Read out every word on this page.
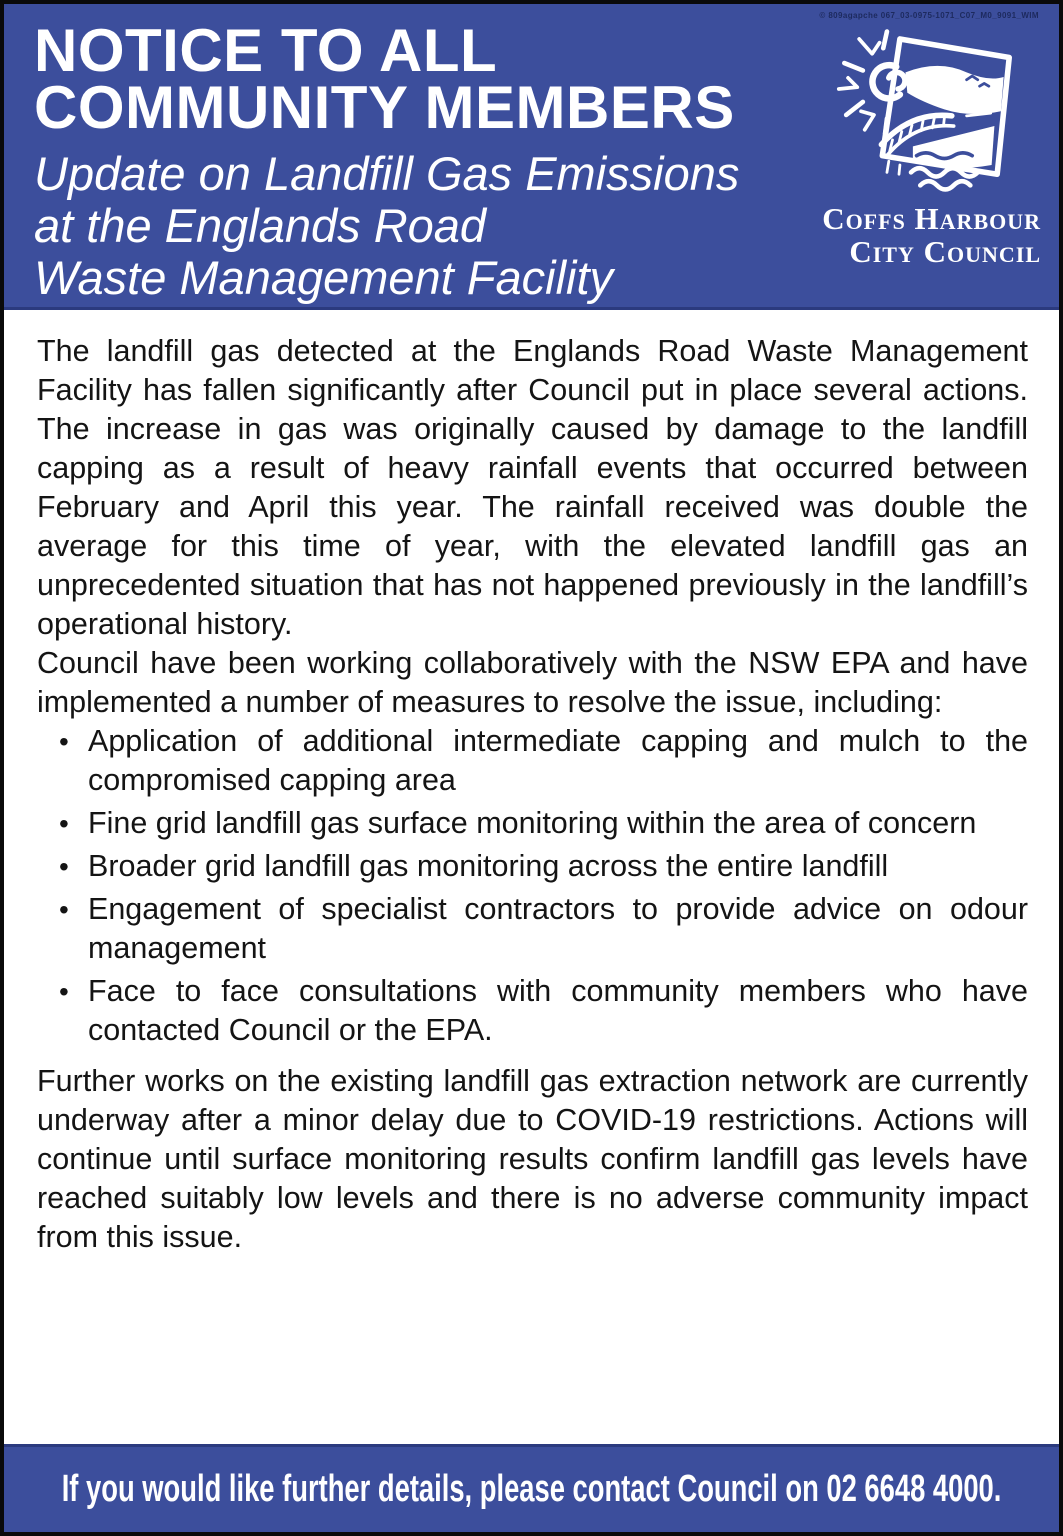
© 809agapche 067_03-0975-1071_C07_M0_9091_WIM
NOTICE TO ALL
COMMUNITY MEMBERS
Update on Landfill Gas Emissions
at the Englands Road
Waste Management Facility
Coffs Harbour
City Council

The landfill gas detected at the Englands Road Waste Management Facility has fallen significantly after Council put in place several actions. The increase in gas was originally caused by damage to the landfill capping as a result of heavy rainfall events that occurred between February and April this year. The rainfall received was double the average for this time of year, with the elevated landfill gas an unprecedented situation that has not happened previously in the landfill’s operational history.

Council have been working collaboratively with the NSW EPA and have implemented a number of measures to resolve the issue, including:

• Application of additional intermediate capping and mulch to the compromised capping area
• Fine grid landfill gas surface monitoring within the area of concern
• Broader grid landfill gas monitoring across the entire landfill
• Engagement of specialist contractors to provide advice on odour management
• Face to face consultations with community members who have contacted Council or the EPA.

Further works on the existing landfill gas extraction network are currently underway after a minor delay due to COVID-19 restrictions. Actions will continue until surface monitoring results confirm landfill gas levels have reached suitably low levels and there is no adverse community impact from this issue.

If you would like further details, please contact Council on 02 6648 4000.
